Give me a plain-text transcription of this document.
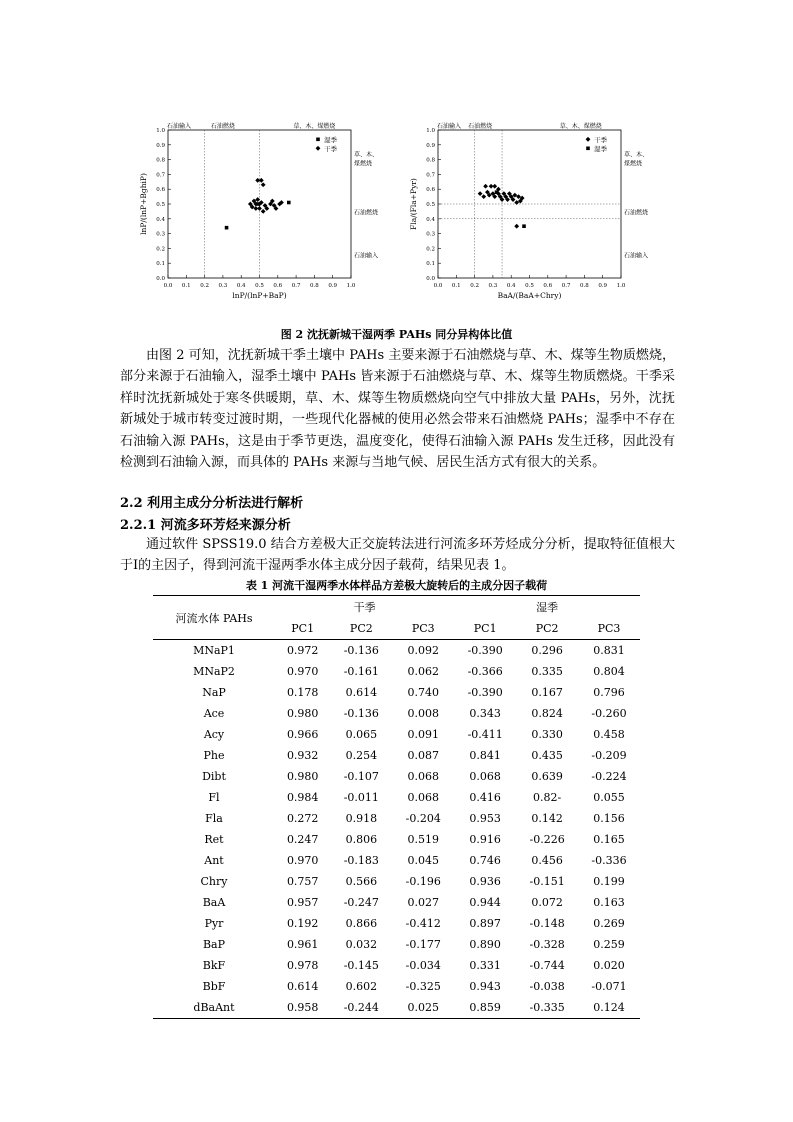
0.0
0.0
0.1
0.1
0.2
0.2
0.3
0.3
0.4
0.4
0.5
0.5
0.6
0.6
0.7
0.7
0.8
0.8
0.9
0.9
1.0
1.0
石油输入	石油燃烧	草、木、煤燃烧
草、木、煤燃烧
石油燃烧
石油输入
lnP/(lnP+BaP)
lnP/(lnP+BghiP)
湿季
干季
0.0
0.0
0.1
0.1
0.2
0.2
0.3
0.3
0.4
0.4
0.5
0.5
0.6
0.6
0.7
0.7
0.8
0.8
0.9
0.9
1.0
1.0
石油输入 石油燃烧	草、木、煤燃烧
草、木、煤燃烧
石油燃烧
石油输入
BaA/(BaA+Chry)
Fla/(Fla+Pyr)
干季
湿季
图 2 沈抚新城干湿两季 PAHs 同分异构体比值

由图 2 可知，沈抚新城干季土壤中 PAHs 主要来源于石油燃烧与草、木、煤等生物质燃烧，部分来源于石油输入，湿季土壤中 PAHs 皆来源于石油燃烧与草、木、煤等生物质燃烧。干季采样时沈抚新城处于寒冬供暖期，草、木、煤等生物质燃烧向空气中排放大量 PAHs，另外，沈抚新城处于城市转变过渡时期，一些现代化器械的使用必然会带来石油燃烧 PAHs；湿季中不存在石油输入源 PAHs，这是由于季节更迭，温度变化，使得石油输入源 PAHs 发生迁移，因此没有检测到石油输入源，而具体的 PAHs 来源与当地气候、居民生活方式有很大的关系。

2.2 利用主成分分析法进行解析

2.2.1 河流多环芳烃来源分析

通过软件 SPSS19.0 结合方差极大正交旋转法进行河流多环芳烃成分分析，提取特征值根大于Ⅰ的主因子，得到河流干湿两季水体主成分因子载荷，结果见表 1。

表 1 河流干湿两季水体样品方差极大旋转后的主成分因子载荷
河流水体 PAHs	干季			湿季		
	PC1	PC2	PC3	PC1	PC2	PC3
MNaP1	0.972	-0.136	0.092	-0.390	0.296	0.831
MNaP2	0.970	-0.161	0.062	-0.366	0.335	0.804
NaP	0.178	0.614	0.740	-0.390	0.167	0.796
Ace	0.980	-0.136	0.008	0.343	0.824	-0.260
Acy	0.966	0.065	0.091	-0.411	0.330	0.458
Phe	0.932	0.254	0.087	0.841	0.435	-0.209
Dibt	0.980	-0.107	0.068	0.068	0.639	-0.224
Fl	0.984	-0.011	0.068	0.416	0.82-	0.055
Fla	0.272	0.918	-0.204	0.953	0.142	0.156
Ret	0.247	0.806	0.519	0.916	-0.226	0.165
Ant	0.970	-0.183	0.045	0.746	0.456	-0.336
Chry	0.757	0.566	-0.196	0.936	-0.151	0.199
BaA	0.957	-0.247	0.027	0.944	0.072	0.163
Pyr	0.192	0.866	-0.412	0.897	-0.148	0.269
BaP	0.961	0.032	-0.177	0.890	-0.328	0.259
BkF	0.978	-0.145	-0.034	0.331	-0.744	0.020
BbF	0.614	0.602	-0.325	0.943	-0.038	-0.071
dBaAnt	0.958	-0.244	0.025	0.859	-0.335	0.124
